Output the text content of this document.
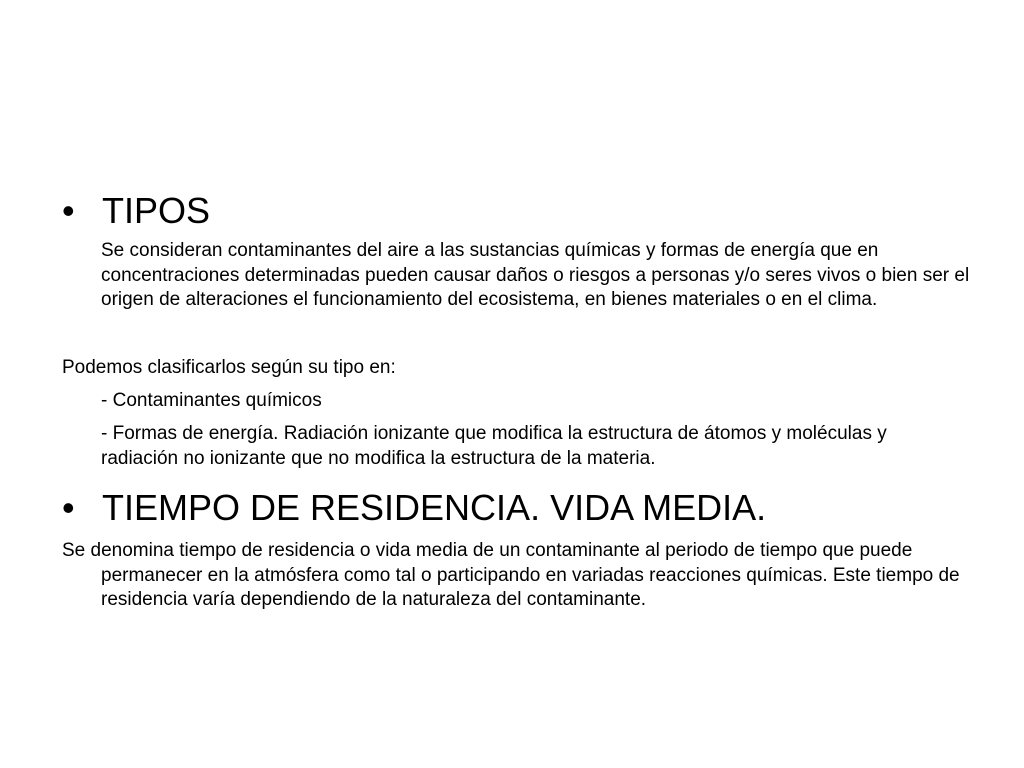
• TIPOS

Se consideran contaminantes del aire a las sustancias químicas y formas de energía que en concentraciones determinadas pueden causar daños o riesgos a personas y/o seres vivos o bien ser el origen de alteraciones el funcionamiento del ecosistema, en bienes materiales o en el clima.

Podemos clasificarlos según su tipo en:

- Contaminantes químicos

- Formas de energía. Radiación ionizante que modifica la estructura de átomos y moléculas y radiación no ionizante que no modifica la estructura de la materia.

• TIEMPO DE RESIDENCIA. VIDA MEDIA.

Se denomina tiempo de residencia o vida media de un contaminante al periodo de tiempo que puede permanecer en la atmósfera como tal o participando en variadas reacciones químicas. Este tiempo de residencia varía dependiendo de la naturaleza del contaminante.
